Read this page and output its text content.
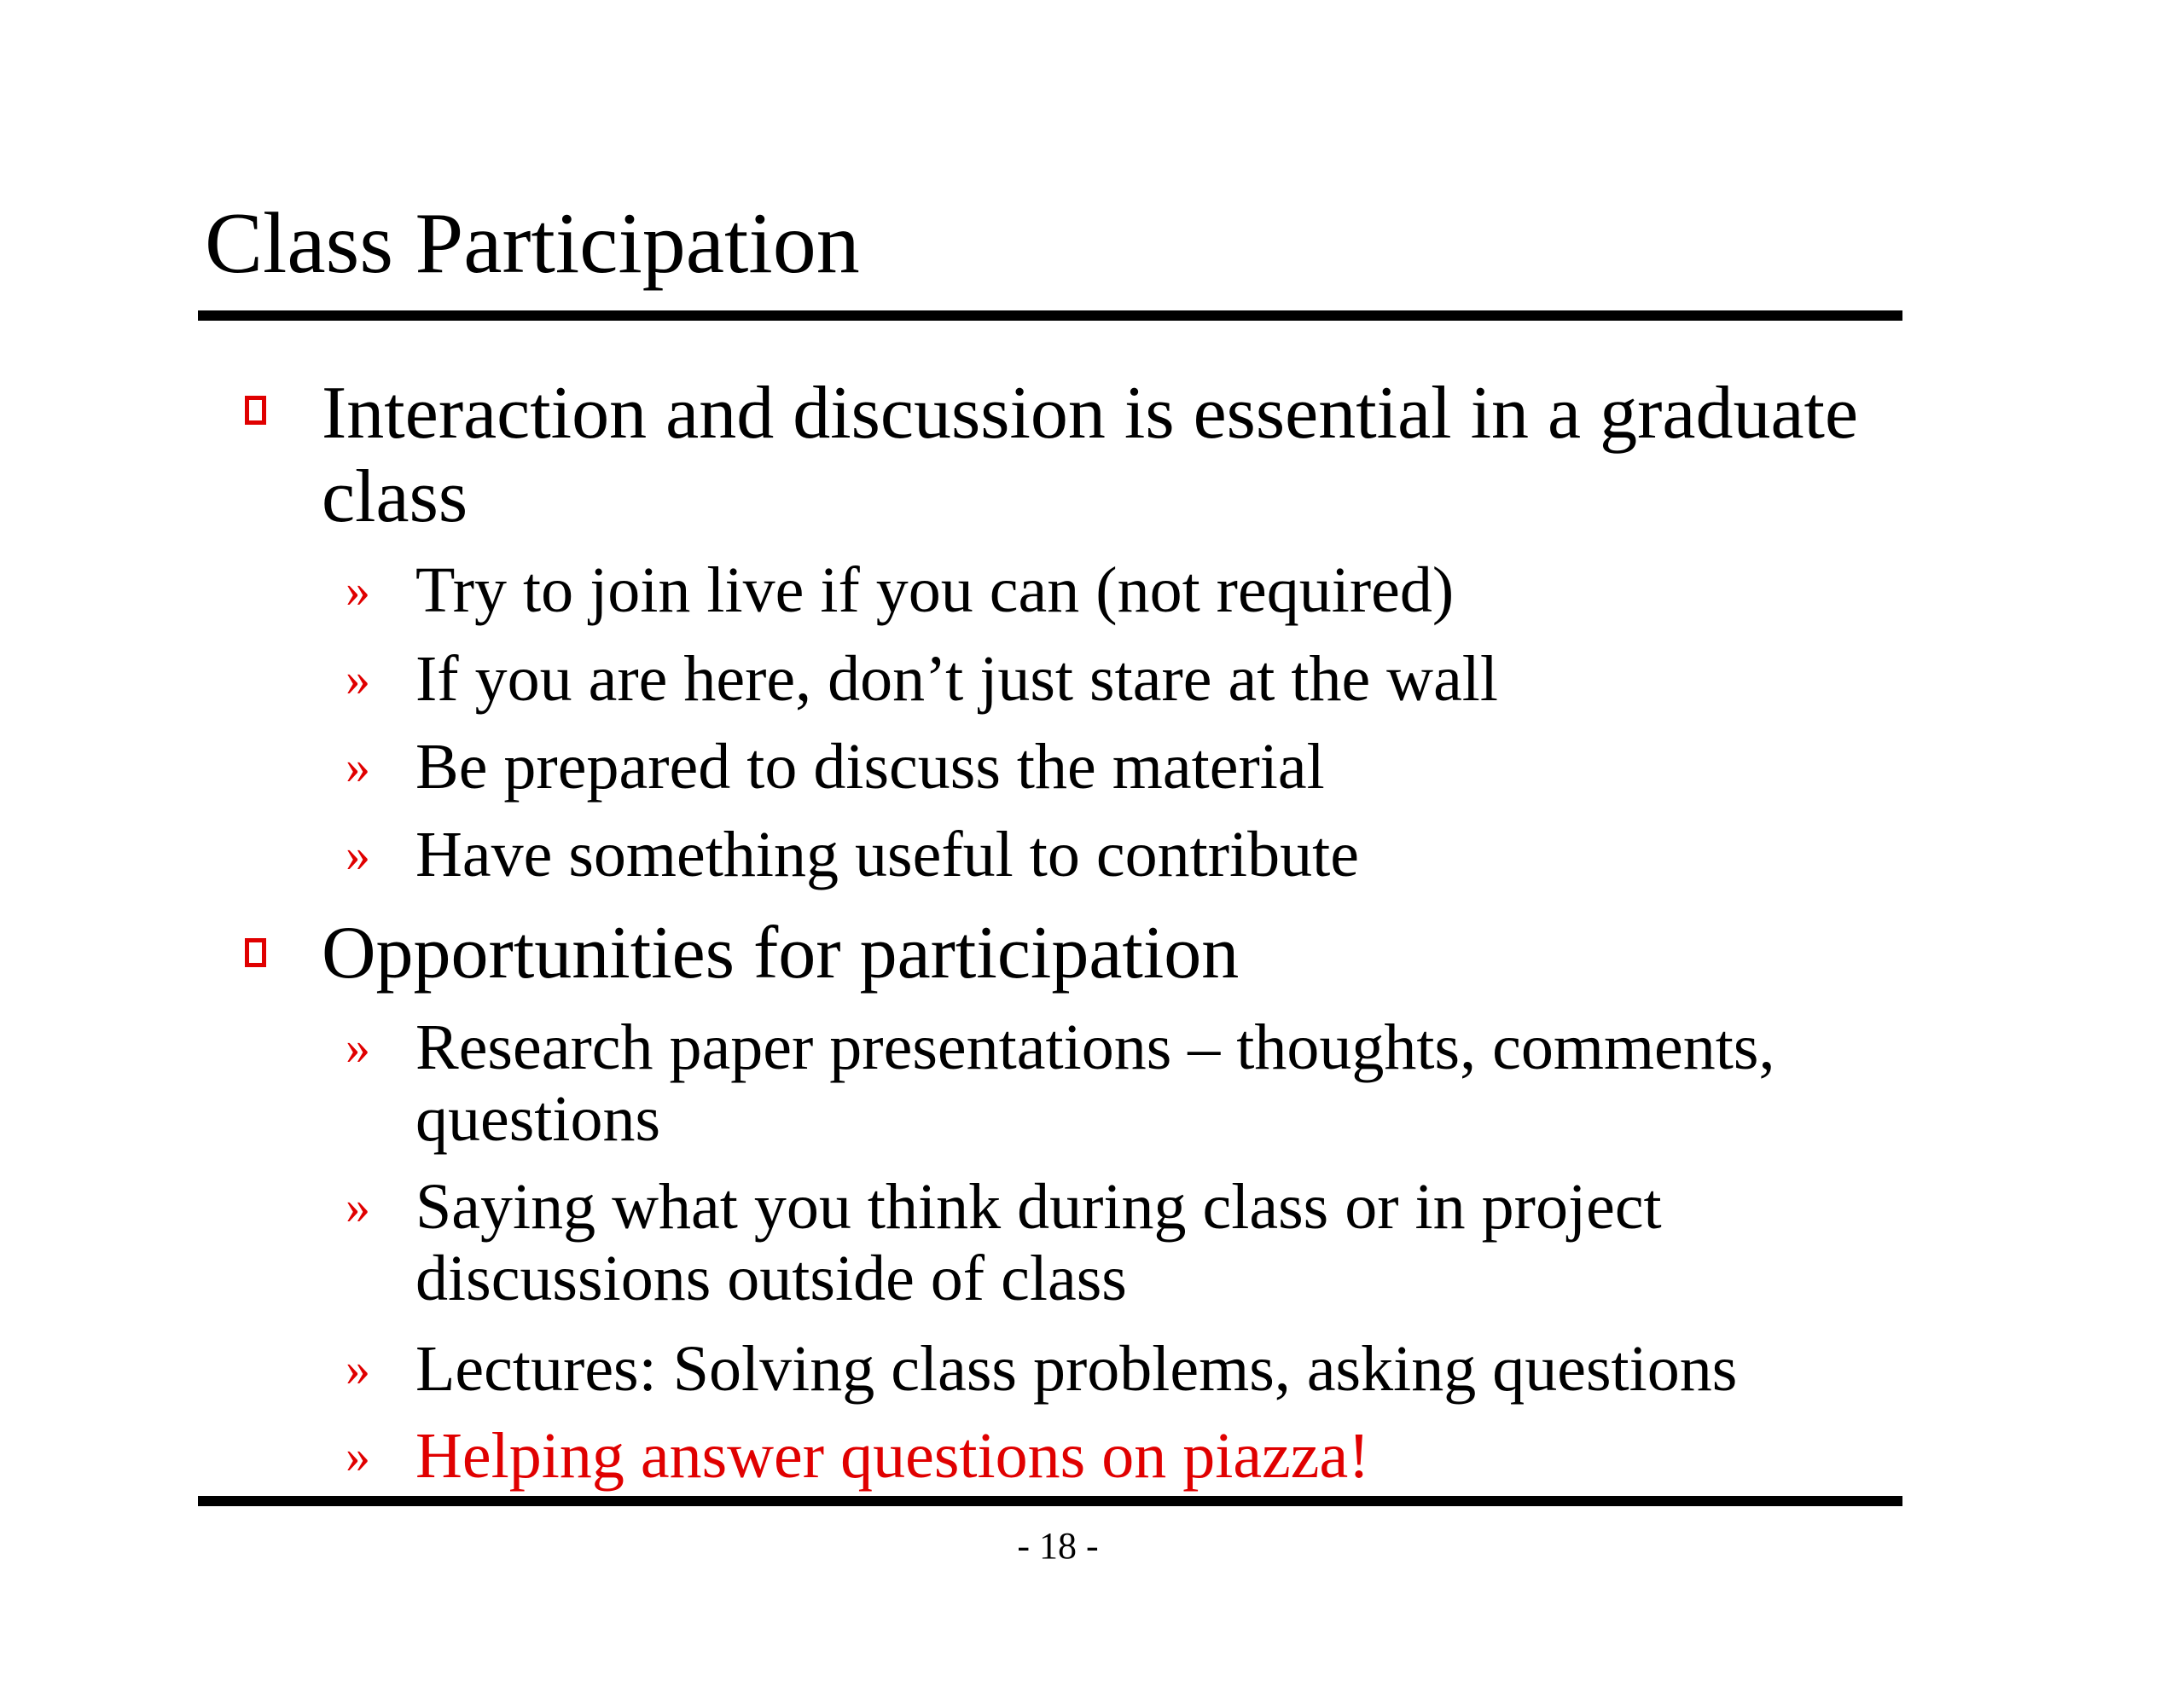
Class Participation
Interaction and discussion is essential in a graduate class
» Try to join live if you can (not required)
» If you are here, don’t just stare at the wall
» Be prepared to discuss the material
» Have something useful to contribute
Opportunities for participation
» Research paper presentations – thoughts, comments, questions
» Saying what you think during class or in project discussions outside of class
» Lectures: Solving class problems, asking questions
» Helping answer questions on piazza!
- 18 -
